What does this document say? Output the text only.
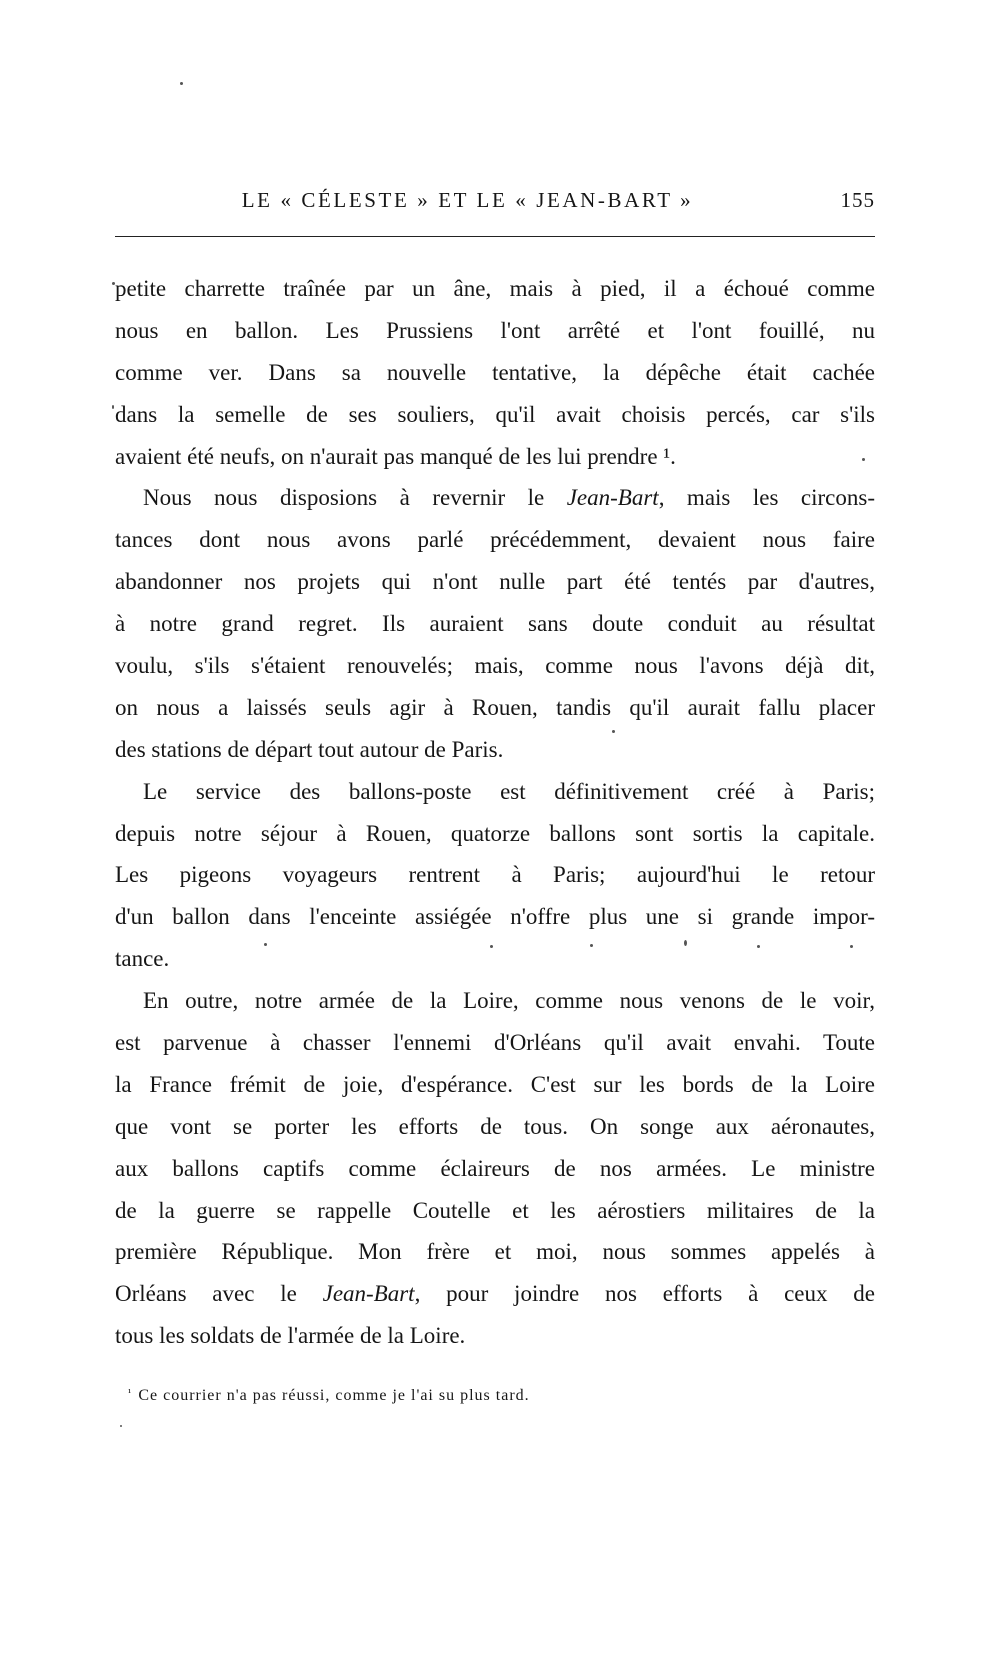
LE « CÉLESTE » ET LE « JEAN-BART »	155
petite charrette traînée par un âne, mais à pied, il a échoué comme
nous en ballon. Les Prussiens l'ont arrêté et l'ont fouillé, nu
comme ver. Dans sa nouvelle tentative, la dépêche était cachée
dans la semelle de ses souliers, qu'il avait choisis percés, car s'ils
avaient été neufs, on n'aurait pas manqué de les lui prendre ¹.
Nous nous disposions à revernir le Jean-Bart, mais les circons-
tances dont nous avons parlé précédemment, devaient nous faire
abandonner nos projets qui n'ont nulle part été tentés par d'autres,
à notre grand regret. Ils auraient sans doute conduit au résultat
voulu, s'ils s'étaient renouvelés; mais, comme nous l'avons déjà dit,
on nous a laissés seuls agir à Rouen, tandis qu'il aurait fallu placer
des stations de départ tout autour de Paris.
Le service des ballons-poste est définitivement créé à Paris;
depuis notre séjour à Rouen, quatorze ballons sont sortis la capitale.
Les pigeons voyageurs rentrent à Paris; aujourd'hui le retour
d'un ballon dans l'enceinte assiégée n'offre plus une si grande impor-
tance.
En outre, notre armée de la Loire, comme nous venons de le voir,
est parvenue à chasser l'ennemi d'Orléans qu'il avait envahi. Toute
la France frémit de joie, d'espérance. C'est sur les bords de la Loire
que vont se porter les efforts de tous. On songe aux aéronautes,
aux ballons captifs comme éclaireurs de nos armées. Le ministre
de la guerre se rappelle Coutelle et les aérostiers militaires de la
première République. Mon frère et moi, nous sommes appelés à
Orléans avec le Jean-Bart, pour joindre nos efforts à ceux de
tous les soldats de l'armée de la Loire.
$^{^1}$ Ce courrier n'a pas réussi, comme je l'ai su plus tard.
